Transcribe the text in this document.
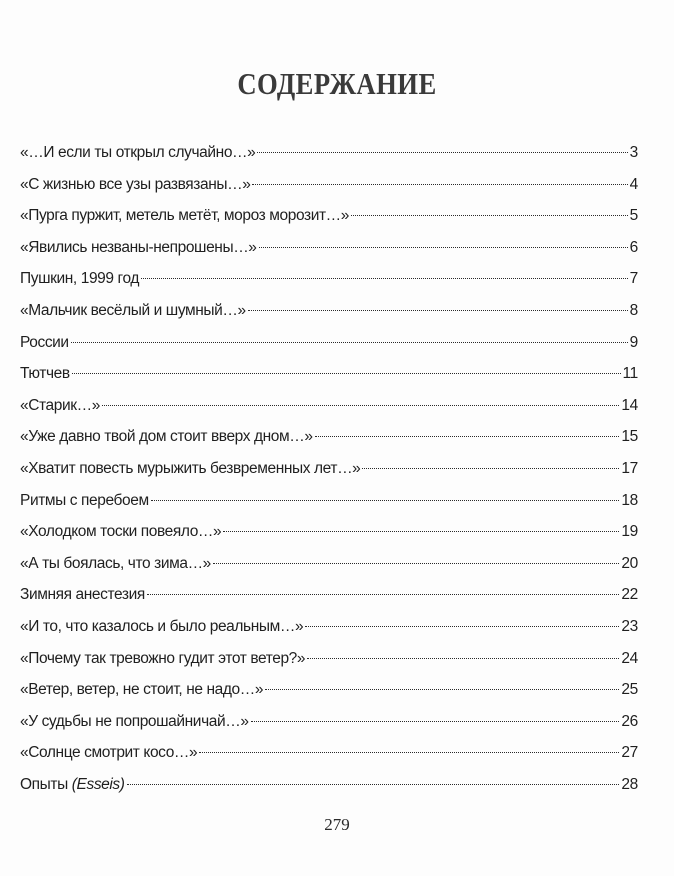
СОДЕРЖАНИЕ
«…И если ты открыл случайно…»	3
«С жизнью все узы развязаны…»	4
«Пурга пуржит, метель метёт, мороз морозит…»	5
«Явились незваны-непрошены…»	6
Пушкин, 1999 год	7
«Мальчик весёлый и шумный…»	8
России	9
Тютчев	11
«Старик…»	14
«Уже давно твой дом стоит вверх дном…»	15
«Хватит повесть мурыжить безвременных лет…»	17
Ритмы с перебоем	18
«Холодком тоски повеяло…»	19
«А ты боялась, что зима…»	20
Зимняя анестезия	22
«И то, что казалось и было реальным…»	23
«Почему так тревожно гудит этот ветер?»	24
«Ветер, ветер, не стоит, не надо…»	25
«У судьбы не попрошайничай…»	26
«Солнце смотрит косо…»	27
Опыты (Esseis)	28
279
